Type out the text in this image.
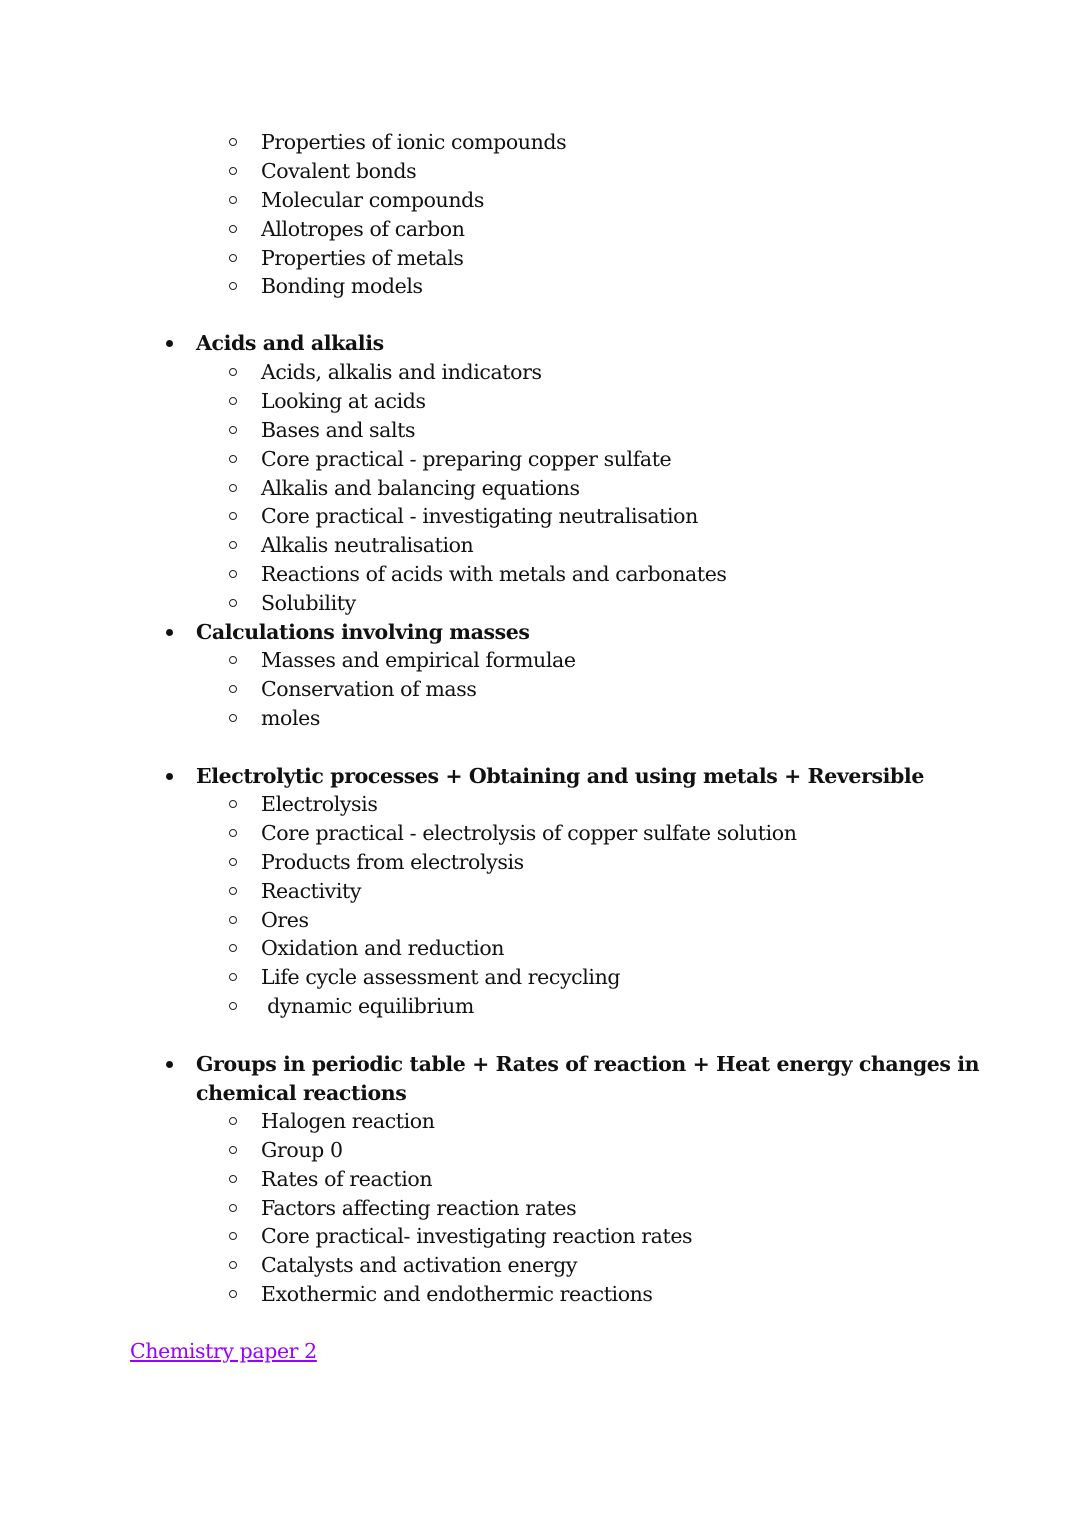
Properties of ionic compounds
Covalent bonds
Molecular compounds
Allotropes of carbon
Properties of metals
Bonding models
Acids and alkalis
Acids, alkalis and indicators
Looking at acids
Bases and salts
Core practical - preparing copper sulfate
Alkalis and balancing equations
Core practical - investigating neutralisation
Alkalis neutralisation
Reactions of acids with metals and carbonates
Solubility
Calculations involving masses
Masses and empirical formulae
Conservation of mass
moles
Electrolytic processes + Obtaining and using metals + Reversible
Electrolysis
Core practical - electrolysis of copper sulfate solution
Products from electrolysis
Reactivity
Ores
Oxidation and reduction
Life cycle assessment and recycling
dynamic equilibrium
Groups in periodic table + Rates of reaction + Heat energy changes in
chemical reactions
Halogen reaction
Group 0
Rates of reaction
Factors affecting reaction rates
Core practical- investigating reaction rates
Catalysts and activation energy
Exothermic and endothermic reactions
Chemistry paper 2
